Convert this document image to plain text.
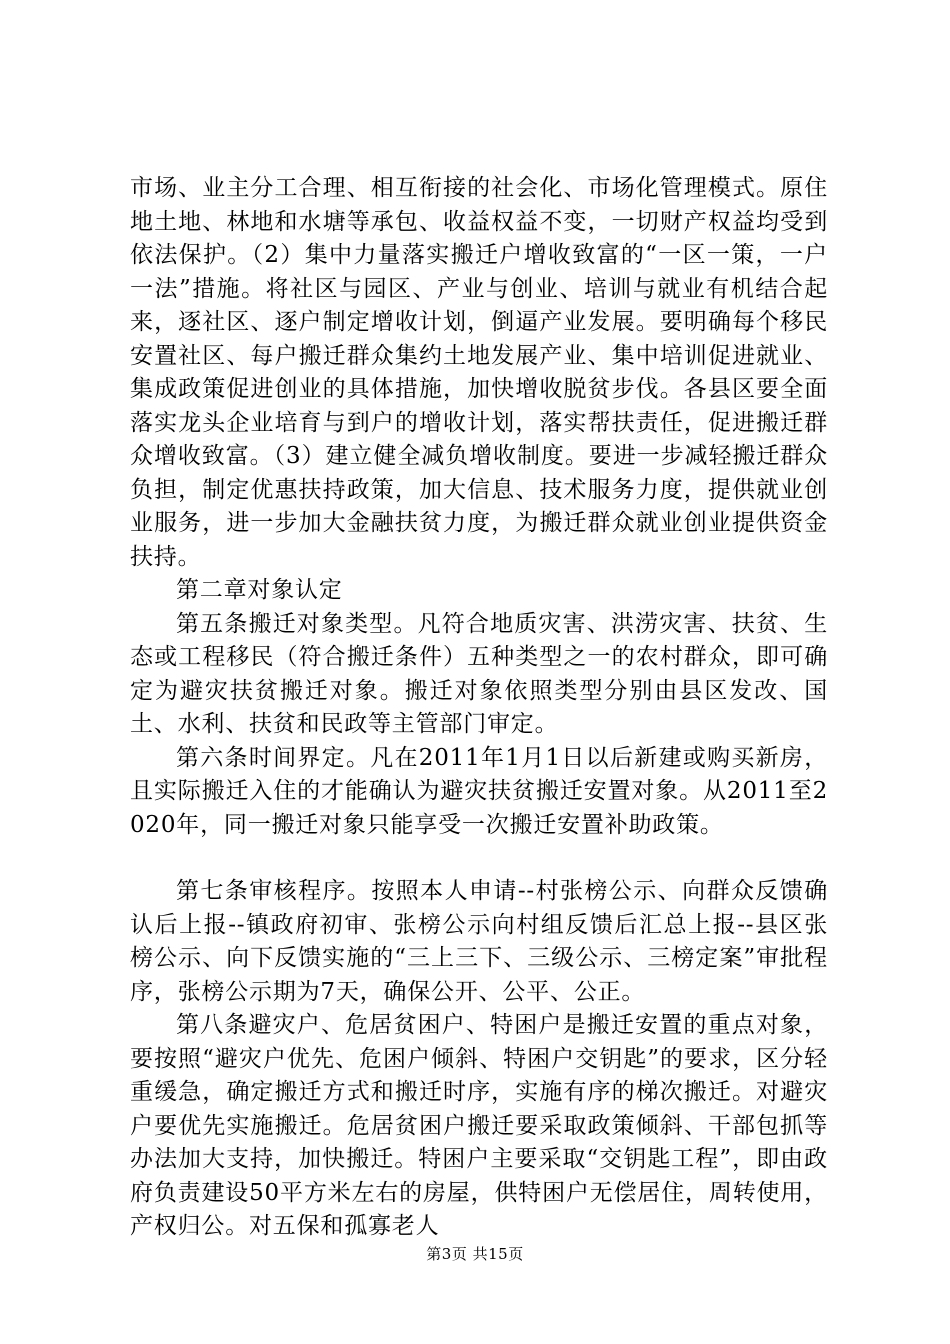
市场、业主分工合理、相互衔接的社会化、市场化管理模式。原住地土地、林地和水塘等承包、收益权益不变，一切财产权益均受到依法保护。（2）集中力量落实搬迁户增收致富的“一区一策，一户一法”措施。将社区与园区、产业与创业、培训与就业有机结合起来，逐社区、逐户制定增收计划，倒逼产业发展。要明确每个移民安置社区、每户搬迁群众集约土地发展产业、集中培训促进就业、集成政策促进创业的具体措施，加快增收脱贫步伐。各县区要全面落实龙头企业培育与到户的增收计划，落实帮扶责任，促进搬迁群众增收致富。（3）建立健全减负增收制度。要进一步减轻搬迁群众负担，制定优惠扶持政策，加大信息、技术服务力度，提供就业创业服务，进一步加大金融扶贫力度，为搬迁群众就业创业提供资金扶持。

第二章对象认定

第五条搬迁对象类型。凡符合地质灾害、洪涝灾害、扶贫、生态或工程移民（符合搬迁条件）五种类型之一的农村群众，即可确定为避灾扶贫搬迁对象。搬迁对象依照类型分别由县区发改、国土、水利、扶贫和民政等主管部门审定。

第六条时间界定。凡在2011年1月1日以后新建或购买新房，且实际搬迁入住的才能确认为避灾扶贫搬迁安置对象。从2011至2020年，同一搬迁对象只能享受一次搬迁安置补助政策。

第七条审核程序。按照本人申请--村张榜公示、向群众反馈确认后上报--镇政府初审、张榜公示向村组反馈后汇总上报--县区张榜公示、向下反馈实施的“三上三下、三级公示、三榜定案”审批程序，张榜公示期为7天，确保公开、公平、公正。

第八条避灾户、危居贫困户、特困户是搬迁安置的重点对象，要按照“避灾户优先、危困户倾斜、特困户交钥匙”的要求，区分轻重缓急，确定搬迁方式和搬迁时序，实施有序的梯次搬迁。对避灾户要优先实施搬迁。危居贫困户搬迁要采取政策倾斜、干部包抓等办法加大支持，加快搬迁。特困户主要采取“交钥匙工程”，即由政府负责建设50平方米左右的房屋，供特困户无偿居住，周转使用，产权归公。对五保和孤寡老人

第3页 共15页
